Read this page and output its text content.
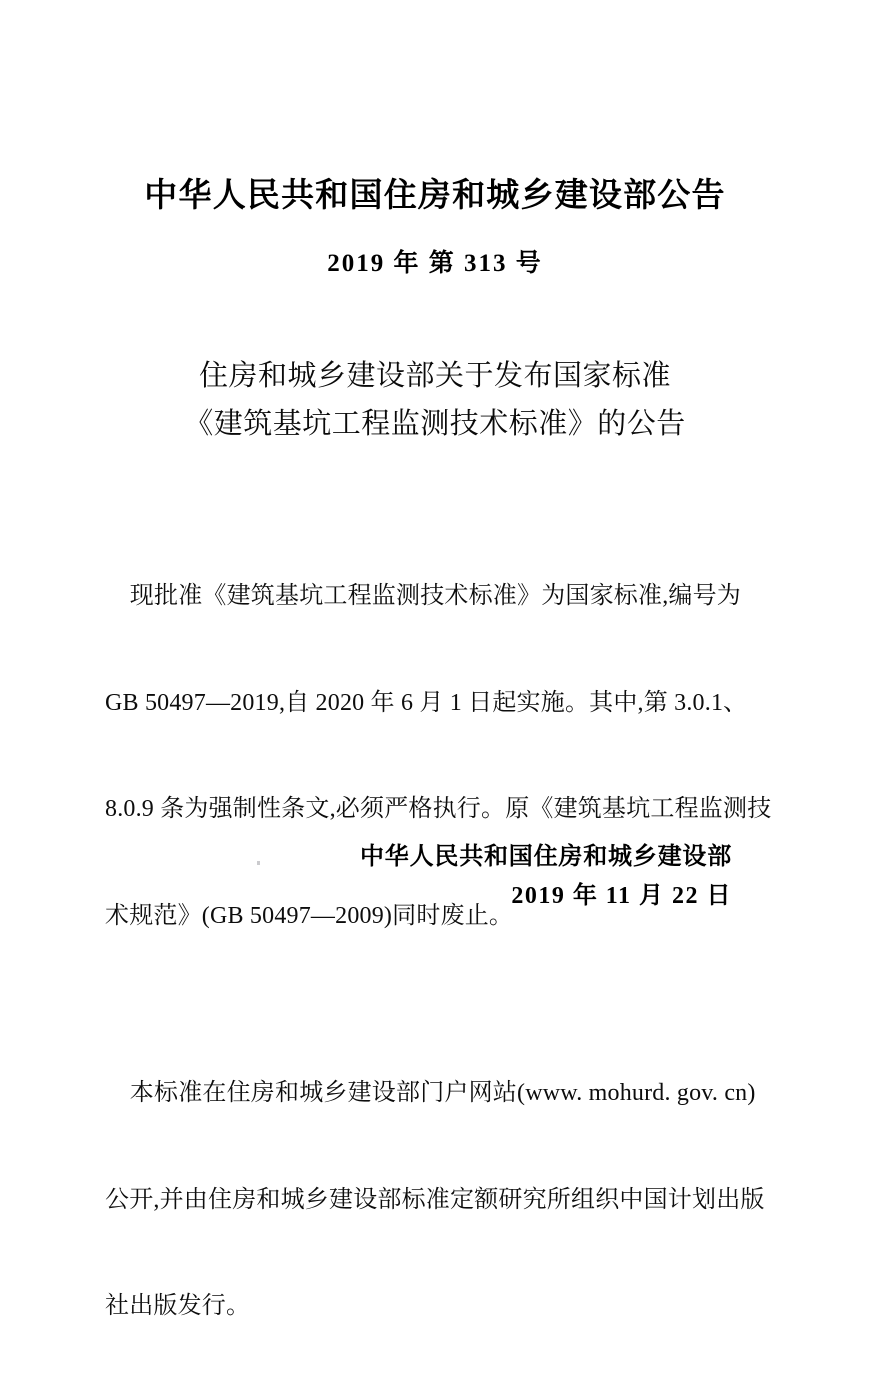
中华人民共和国住房和城乡建设部公告
2019 年 第 313 号
住房和城乡建设部关于发布国家标准
《建筑基坑工程监测技术标准》的公告

现批准《建筑基坑工程监测技术标准》为国家标准,编号为

GB 50497—2019,自 2020 年 6 月 1 日起实施。其中,第 3.0.1、

8.0.9 条为强制性条文,必须严格执行。原《建筑基坑工程监测技

术规范》(GB 50497—2009)同时废止。

本标准在住房和城乡建设部门户网站(www. mohurd. gov. cn)

公开,并由住房和城乡建设部标准定额研究所组织中国计划出版

社出版发行。

中华人民共和国住房和城乡建设部
2019 年 11 月 22 日
